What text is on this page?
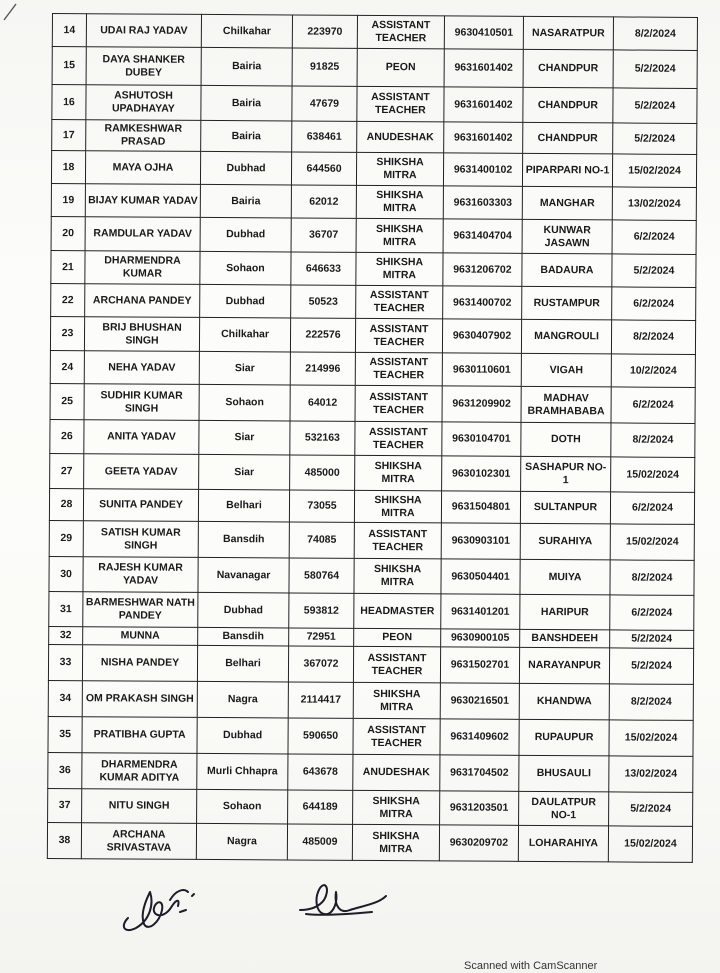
14	UDAI RAJ YADAV	Chilkahar	223970	ASSISTANT TEACHER	9630410501	NASARATPUR	8/2/2024
15	DAYA SHANKER DUBEY	Bairia	91825	PEON	9631601402	CHANDPUR	5/2/2024
16	ASHUTOSH UPADHAYAY	Bairia	47679	ASSISTANT TEACHER	9631601402	CHANDPUR	5/2/2024
17	RAMKESHWAR PRASAD	Bairia	638461	ANUDESHAK	9631601402	CHANDPUR	5/2/2024
18	MAYA OJHA	Dubhad	644560	SHIKSHA MITRA	9631400102	PIPARPARI NO-1	15/02/2024
19	BIJAY KUMAR YADAV	Bairia	62012	SHIKSHA MITRA	9631603303	MANGHAR	13/02/2024
20	RAMDULAR YADAV	Dubhad	36707	SHIKSHA MITRA	9631404704	KUNWAR JASAWN	6/2/2024
21	DHARMENDRA KUMAR	Sohaon	646633	SHIKSHA MITRA	9631206702	BADAURA	5/2/2024
22	ARCHANA PANDEY	Dubhad	50523	ASSISTANT TEACHER	9631400702	RUSTAMPUR	6/2/2024
23	BRIJ BHUSHAN SINGH	Chilkahar	222576	ASSISTANT TEACHER	9630407902	MANGROULI	8/2/2024
24	NEHA YADAV	Siar	214996	ASSISTANT TEACHER	9630110601	VIGAH	10/2/2024
25	SUDHIR KUMAR SINGH	Sohaon	64012	ASSISTANT TEACHER	9631209902	MADHAV BRAMHABABA	6/2/2024
26	ANITA YADAV	Siar	532163	ASSISTANT TEACHER	9630104701	DOTH	8/2/2024
27	GEETA YADAV	Siar	485000	SHIKSHA MITRA	9630102301	SASHAPUR NO-1	15/02/2024
28	SUNITA PANDEY	Belhari	73055	SHIKSHA MITRA	9631504801	SULTANPUR	6/2/2024
29	SATISH KUMAR SINGH	Bansdih	74085	ASSISTANT TEACHER	9630903101	SURAHIYA	15/02/2024
30	RAJESH KUMAR YADAV	Navanagar	580764	SHIKSHA MITRA	9630504401	MUIYA	8/2/2024
31	BARMESHWAR NATH PANDEY	Dubhad	593812	HEADMASTER	9631401201	HARIPUR	6/2/2024
32	MUNNA	Bansdih	72951	PEON	9630900105	BANSHDEEH	5/2/2024
33	NISHA PANDEY	Belhari	367072	ASSISTANT TEACHER	9631502701	NARAYANPUR	5/2/2024
34	OM PRAKASH SINGH	Nagra	2114417	SHIKSHA MITRA	9630216501	KHANDWA	8/2/2024
35	PRATIBHA GUPTA	Dubhad	590650	ASSISTANT TEACHER	9631409602	RUPAUPUR	15/02/2024
36	DHARMENDRA KUMAR ADITYA	Murli Chhapra	643678	ANUDESHAK	9631704502	BHUSAULI	13/02/2024
37	NITU SINGH	Sohaon	644189	SHIKSHA MITRA	9631203501	DAULATPUR NO-1	5/2/2024
38	ARCHANA SRIVASTAVA	Nagra	485009	SHIKSHA MITRA	9630209702	LOHARAHIYA	15/02/2024
Scanned with CamScanner
